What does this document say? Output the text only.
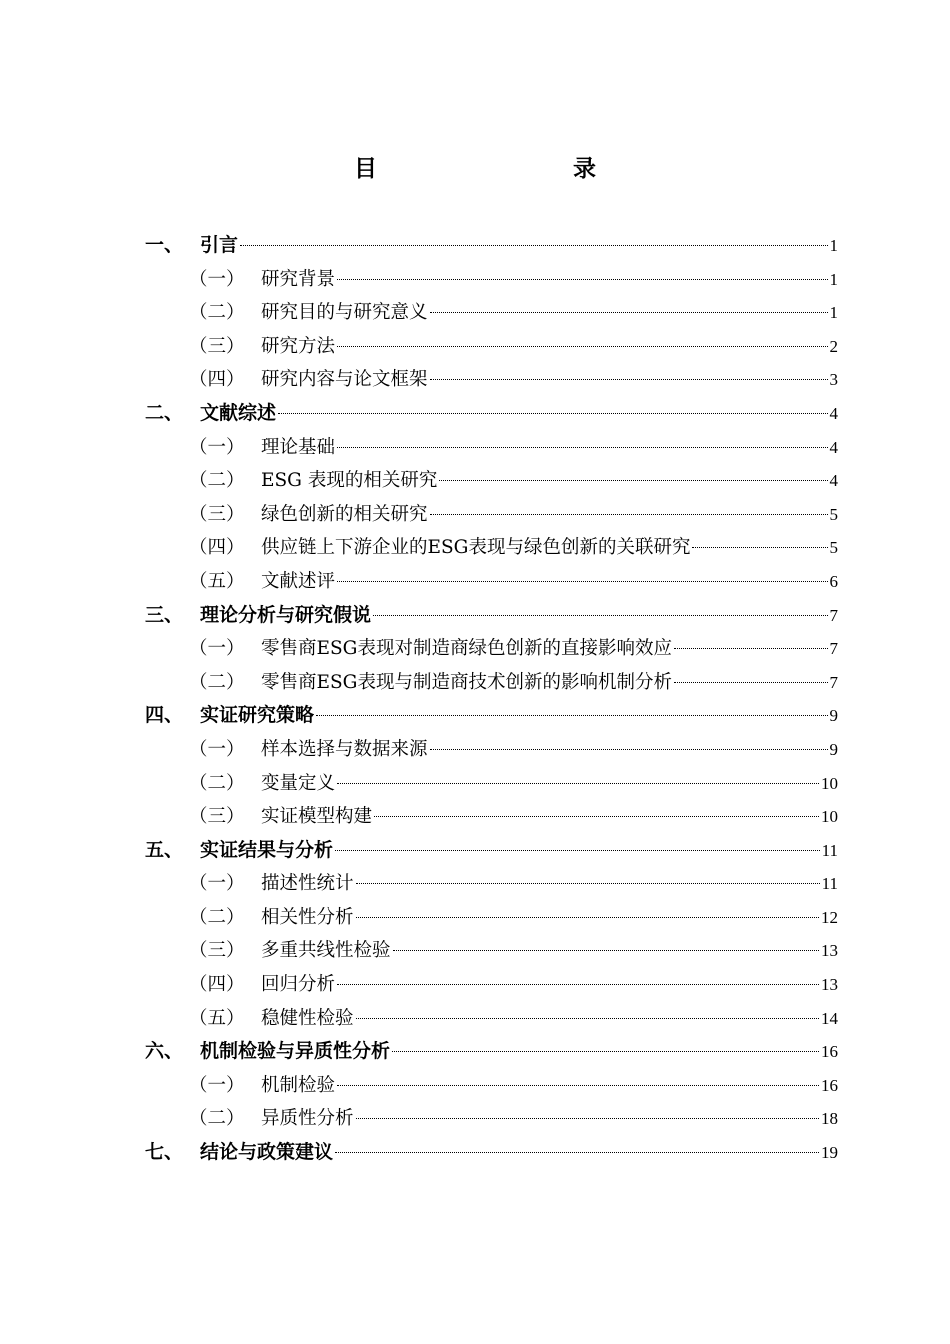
目　　录
一、 引言	1
（一） 研究背景	1
（二） 研究目的与研究意义	1
（三） 研究方法	2
（四） 研究内容与论文框架	3
二、 文献综述	4
（一） 理论基础	4
（二） ESG 表现的相关研究	4
（三） 绿色创新的相关研究	5
（四） 供应链上下游企业的ESG表现与绿色创新的关联研究	5
（五） 文献述评	6
三、 理论分析与研究假说	7
（一） 零售商ESG表现对制造商绿色创新的直接影响效应	7
（二） 零售商ESG表现与制造商技术创新的影响机制分析	7
四、 实证研究策略	9
（一） 样本选择与数据来源	9
（二） 变量定义	10
（三） 实证模型构建	10
五、 实证结果与分析	11
（一） 描述性统计	11
（二） 相关性分析	12
（三） 多重共线性检验	13
（四） 回归分析	13
（五） 稳健性检验	14
六、 机制检验与异质性分析	16
（一） 机制检验	16
（二） 异质性分析	18
七、 结论与政策建议	19
